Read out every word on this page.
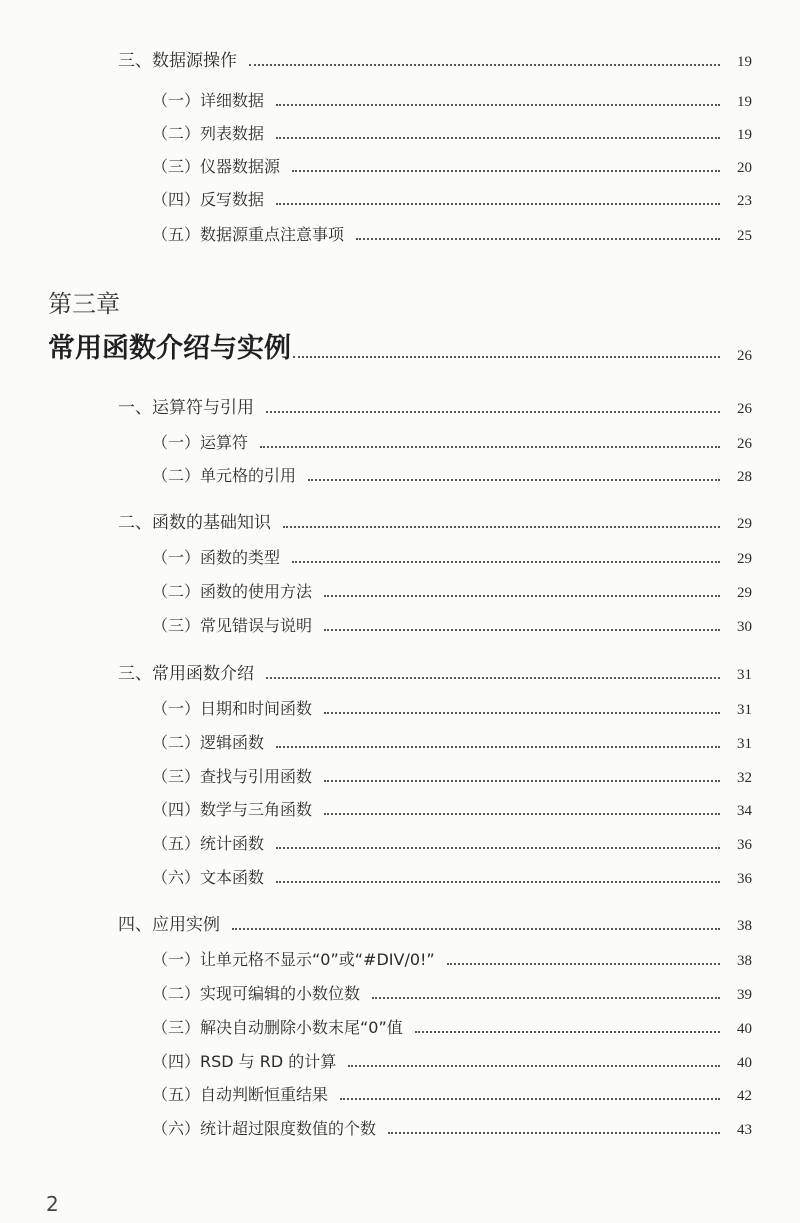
三、数据源操作	19
（一）详细数据	19
（二）列表数据	19
（三）仪器数据源	20
（四）反写数据	23
（五）数据源重点注意事项	25
第三章
常用函数介绍与实例	26
一、运算符与引用	26
（一）运算符	26
（二）单元格的引用	28
二、函数的基础知识	29
（一）函数的类型	29
（二）函数的使用方法	29
（三）常见错误与说明	30
三、常用函数介绍	31
（一）日期和时间函数	31
（二）逻辑函数	31
（三）查找与引用函数	32
（四）数学与三角函数	34
（五）统计函数	36
（六）文本函数	36
四、应用实例	38
（一）让单元格不显示“0”或“#DIV/0!”	38
（二）实现可编辑的小数位数	39
（三）解决自动删除小数末尾“0”值	40
（四）RSD 与 RD 的计算	40
（五）自动判断恒重结果	42
（六）统计超过限度数值的个数	43
2
